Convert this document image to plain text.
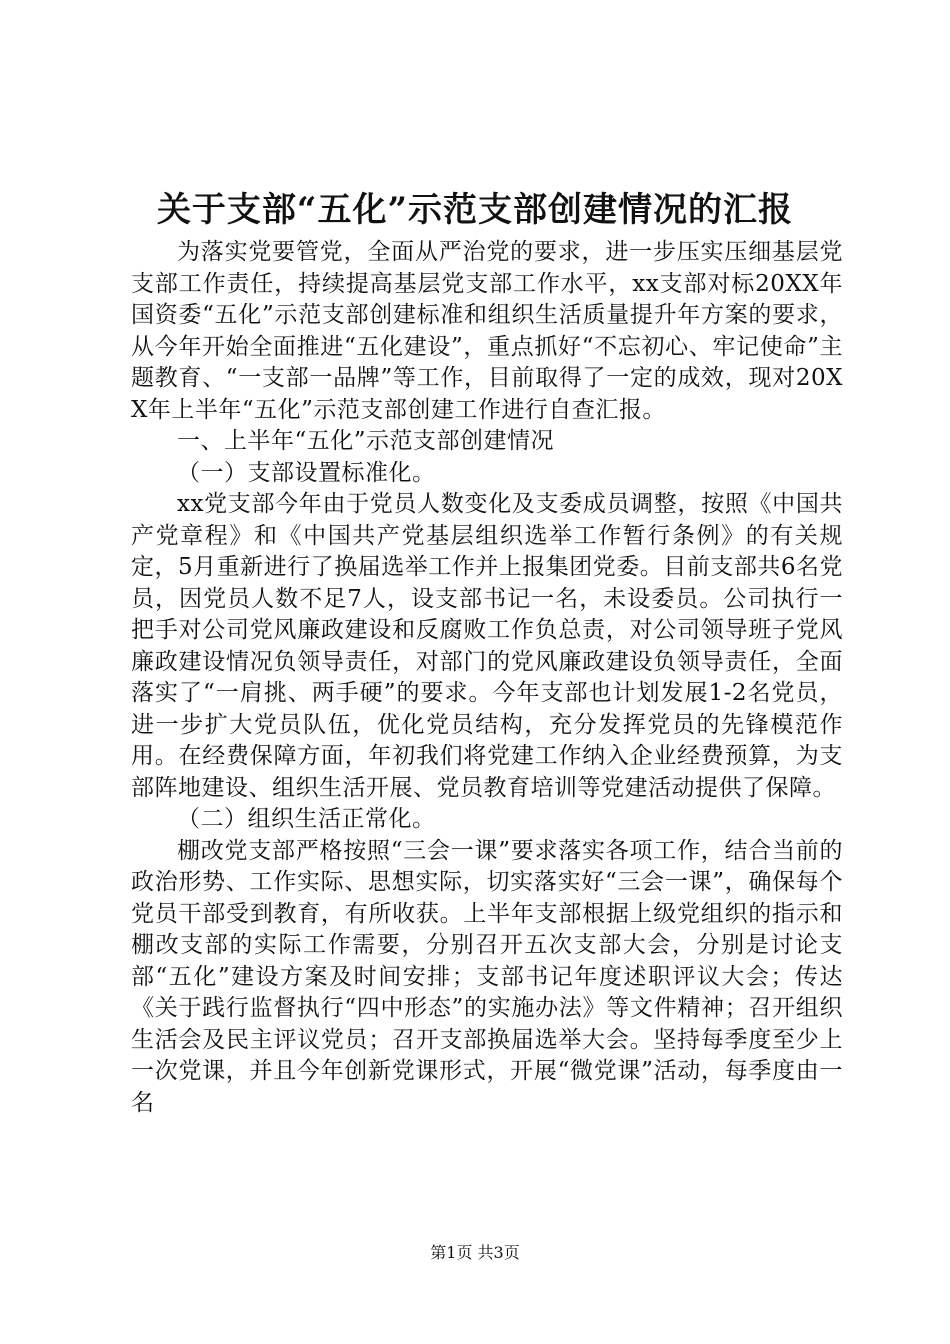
关于支部“五化”示范支部创建情况的汇报

为落实党要管党，全面从严治党的要求，进一步压实压细基层党支部工作责任，持续提高基层党支部工作水平，xx支部对标20XX年国资委“五化”示范支部创建标准和组织生活质量提升年方案的要求，从今年开始全面推进“五化建设”，重点抓好“不忘初心、牢记使命”主题教育、“一支部一品牌”等工作，目前取得了一定的成效，现对20XX年上半年“五化”示范支部创建工作进行自查汇报。

一、上半年“五化”示范支部创建情况

（一）支部设置标准化。

xx党支部今年由于党员人数变化及支委成员调整，按照《中国共产党章程》和《中国共产党基层组织选举工作暂行条例》的有关规定，5月重新进行了换届选举工作并上报集团党委。目前支部共6名党员，因党员人数不足7人，设支部书记一名，未设委员。公司执行一把手对公司党风廉政建设和反腐败工作负总责，对公司领导班子党风廉政建设情况负领导责任，对部门的党风廉政建设负领导责任，全面落实了“一肩挑、两手硬”的要求。今年支部也计划发展1-2名党员，进一步扩大党员队伍，优化党员结构，充分发挥党员的先锋模范作用。在经费保障方面，年初我们将党建工作纳入企业经费预算，为支部阵地建设、组织生活开展、党员教育培训等党建活动提供了保障。

（二）组织生活正常化。

棚改党支部严格按照“三会一课”要求落实各项工作，结合当前的政治形势、工作实际、思想实际，切实落实好“三会一课”，确保每个党员干部受到教育，有所收获。上半年支部根据上级党组织的指示和棚改支部的实际工作需要，分别召开五次支部大会，分别是讨论支部“五化”建设方案及时间安排；支部书记年度述职评议大会；传达《关于践行监督执行“四中形态”的实施办法》等文件精神；召开组织生活会及民主评议党员；召开支部换届选举大会。坚持每季度至少上一次党课，并且今年创新党课形式，开展“微党课”活动，每季度由一名

第1页 共3页
